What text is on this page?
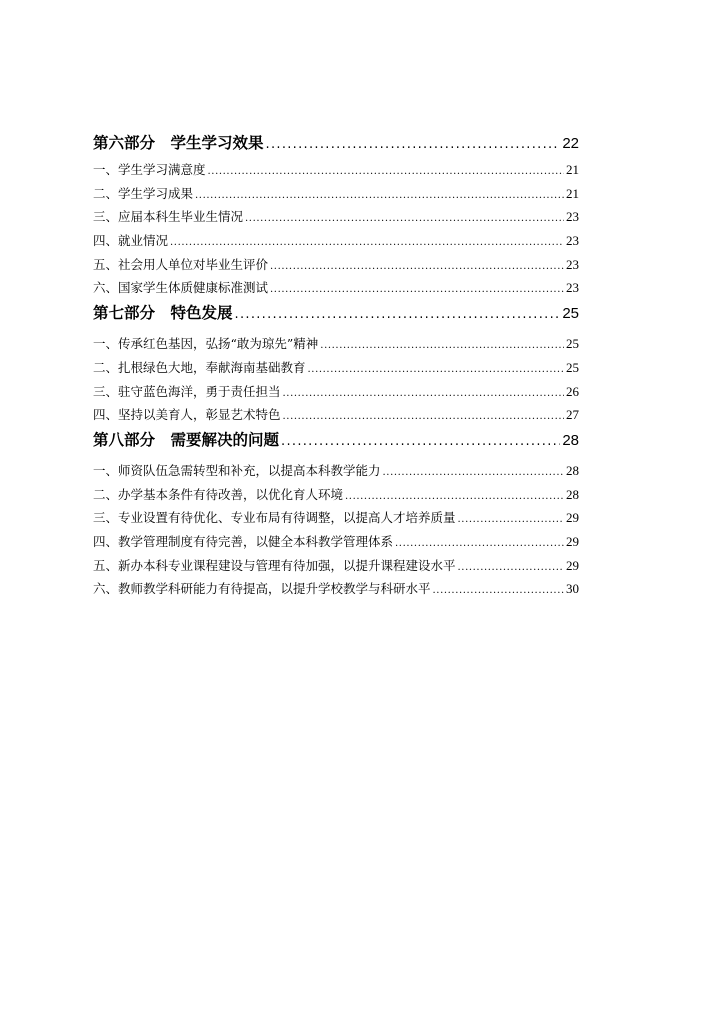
第六部分　学生学习效果 .....	22
一、学生学习满意度 .....	21
二、学生学习成果 .....	21
三、应届本科生毕业生情况 .....	23
四、就业情况 .....	23
五、社会用人单位对毕业生评价 .....	23
六、国家学生体质健康标准测试 .....	23
第七部分　特色发展 .....	25
一、传承红色基因，弘扬“敢为琼先”精神 .....	25
二、扎根绿色大地，奉献海南基础教育 .....	25
三、驻守蓝色海洋，勇于责任担当 .....	26
四、坚持以美育人，彰显艺术特色 .....	27
第八部分　需要解决的问题 .....	28
一、师资队伍急需转型和补充，以提高本科教学能力 .....	28
二、办学基本条件有待改善，以优化育人环境 .....	28
三、专业设置有待优化、专业布局有待调整，以提高人才培养质量 .....	29
四、教学管理制度有待完善，以健全本科教学管理体系 .....	29
五、新办本科专业课程建设与管理有待加强，以提升课程建设水平 .....	29
六、教师教学科研能力有待提高，以提升学校教学与科研水平 .....	30
